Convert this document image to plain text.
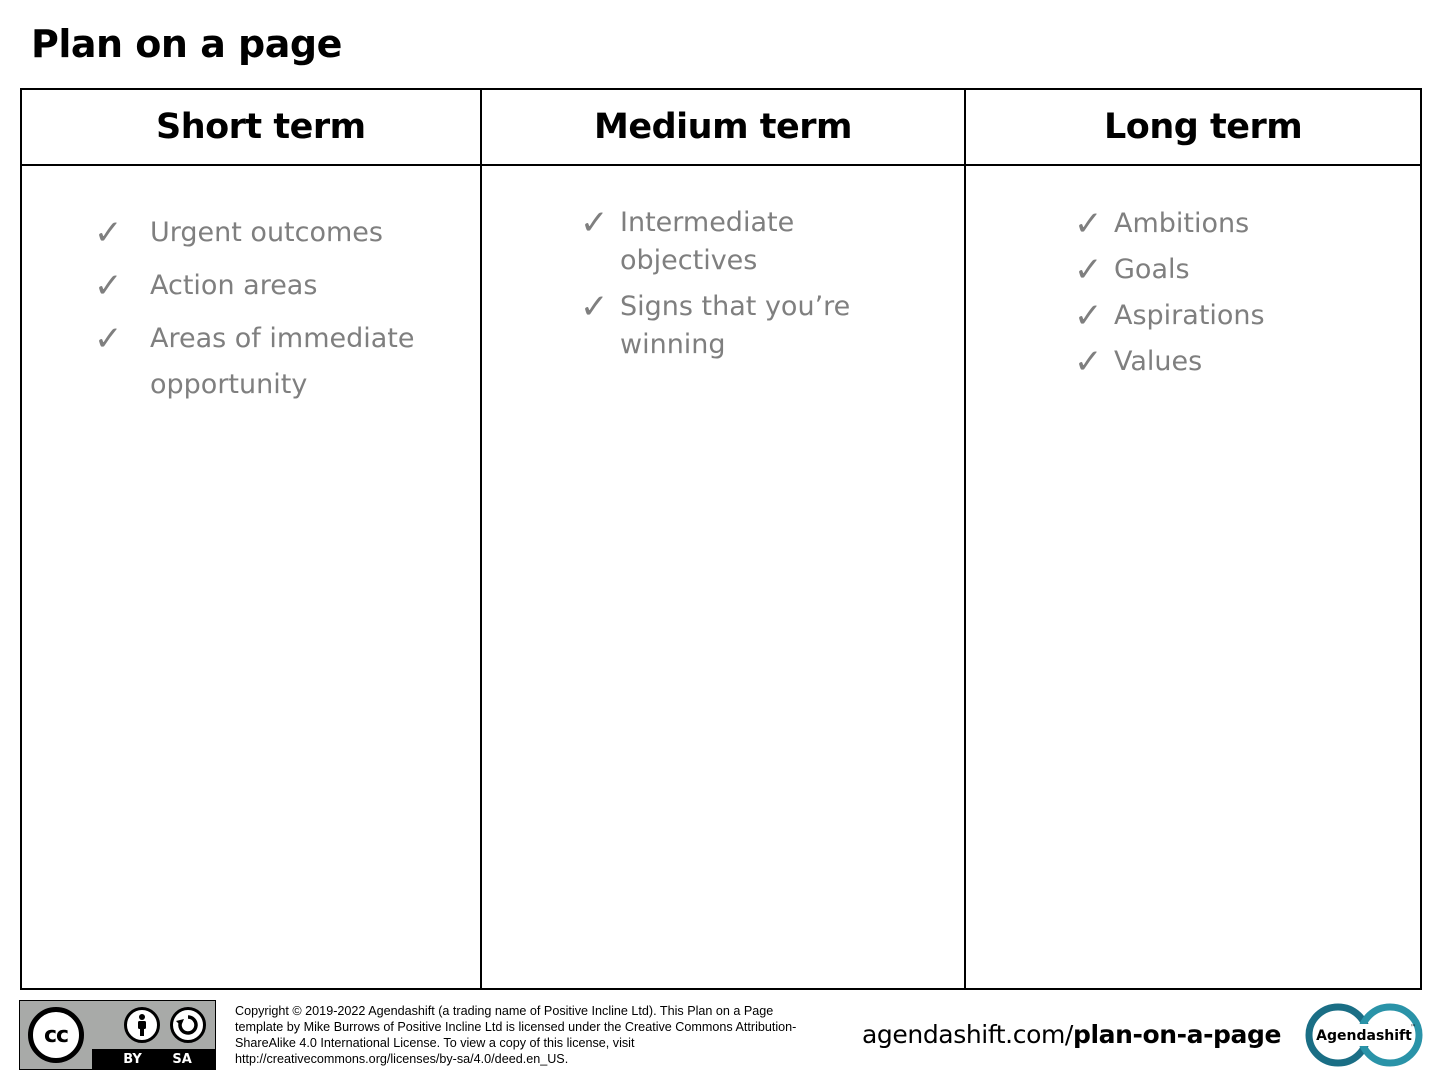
Plan on a page
Short term
✓	Urgent outcomes
✓	Action areas
✓	Areas of immediate opportunity
Medium term
✓ Intermediate objectives
✓ Signs that you’re winning
Long term
✓ Ambitions
✓ Goals
✓ Aspirations
✓ Values
cc
BY SA
Copyright © 2019-2022 Agendashift (a trading name of Positive Incline Ltd). This Plan on a Page template by Mike Burrows of Positive Incline Ltd is licensed under the Creative Commons Attribution-ShareAlike 4.0 International License. To view a copy of this license, visit http://creativecommons.org/licenses/by-sa/4.0/deed.en_US.
agendashift.com/plan-on-a-page	Agendashift
™
